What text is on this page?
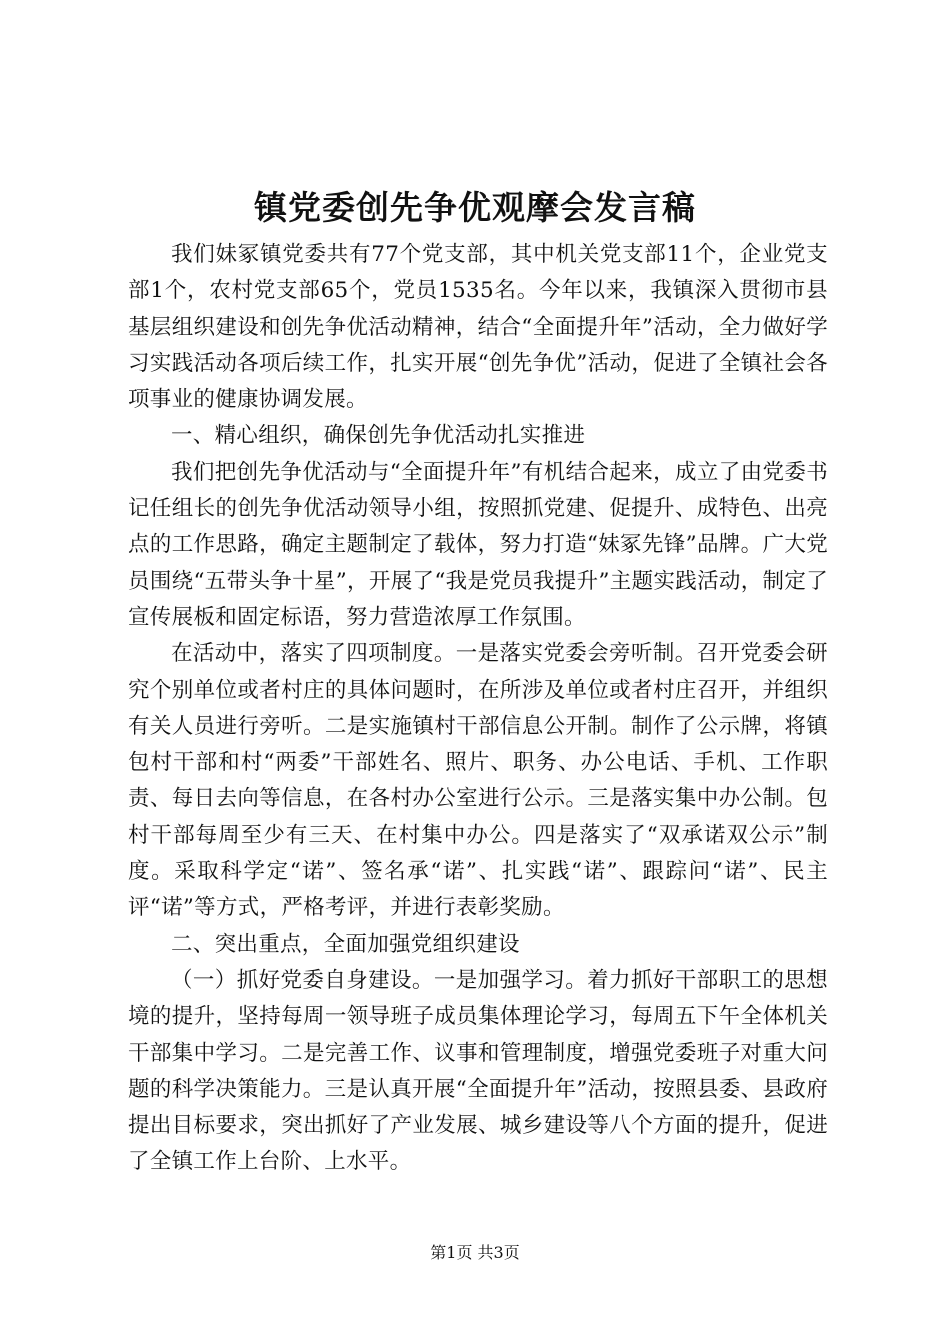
镇党委创先争优观摩会发言稿

我们妹冢镇党委共有77个党支部，其中机关党支部11个，企业党支部1个，农村党支部65个，党员1535名。今年以来，我镇深入贯彻市县基层组织建设和创先争优活动精神，结合“全面提升年”活动，全力做好学习实践活动各项后续工作，扎实开展“创先争优”活动，促进了全镇社会各项事业的健康协调发展。

一、精心组织，确保创先争优活动扎实推进

我们把创先争优活动与“全面提升年”有机结合起来，成立了由党委书记任组长的创先争优活动领导小组，按照抓党建、促提升、成特色、出亮点的工作思路，确定主题制定了载体，努力打造“妹冢先锋”品牌。广大党员围绕“五带头争十星”，开展了“我是党员我提升”主题实践活动，制定了宣传展板和固定标语，努力营造浓厚工作氛围。

在活动中，落实了四项制度。一是落实党委会旁听制。召开党委会研究个别单位或者村庄的具体问题时，在所涉及单位或者村庄召开，并组织有关人员进行旁听。二是实施镇村干部信息公开制。制作了公示牌，将镇包村干部和村“两委”干部姓名、照片、职务、办公电话、手机、工作职责、每日去向等信息，在各村办公室进行公示。三是落实集中办公制。包村干部每周至少有三天、在村集中办公。四是落实了“双承诺双公示”制度。采取科学定“诺”、签名承“诺”、扎实践“诺”、跟踪问“诺”、民主评“诺”等方式，严格考评，并进行表彰奖励。

二、突出重点，全面加强党组织建设

（一）抓好党委自身建设。一是加强学习。着力抓好干部职工的思想境的提升，坚持每周一领导班子成员集体理论学习，每周五下午全体机关干部集中学习。二是完善工作、议事和管理制度，增强党委班子对重大问题的科学决策能力。三是认真开展“全面提升年”活动，按照县委、县政府提出目标要求，突出抓好了产业发展、城乡建设等八个方面的提升，促进了全镇工作上台阶、上水平。

第1页 共3页
